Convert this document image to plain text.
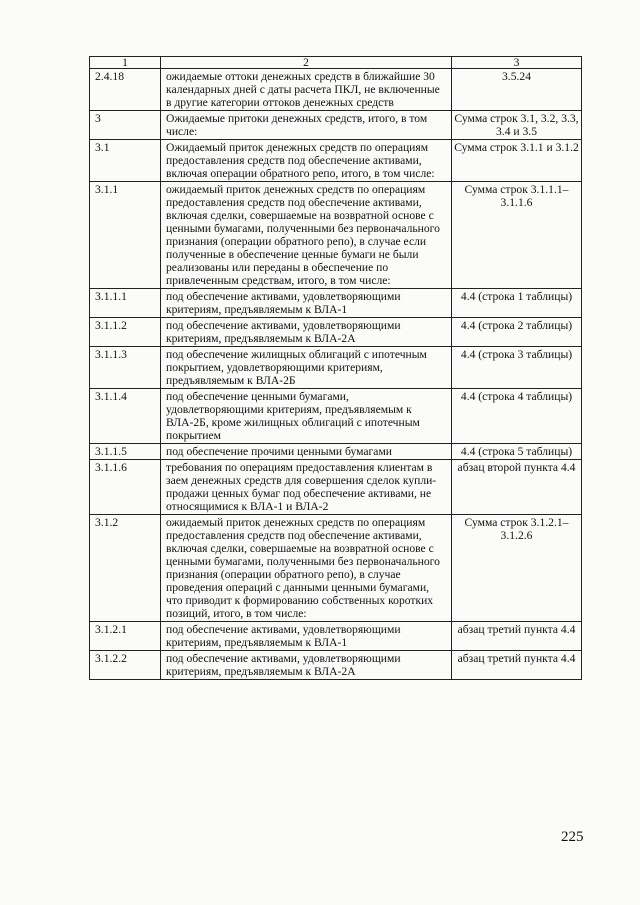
1	2	3
2.4.18	ожидаемые оттоки денежных средств в ближайшие 30 календарных дней с даты расчета ПКЛ, не включенные в другие категории оттоков денежных средств	3.5.24
3	Ожидаемые притоки денежных средств, итого, в том числе:	Сумма строк 3.1, 3.2, 3.3, 3.4 и 3.5
3.1	Ожидаемый приток денежных средств по операциям предоставления средств под обеспечение активами, включая операции обратного репо, итого, в том числе:	Сумма строк 3.1.1 и 3.1.2
3.1.1	ожидаемый приток денежных средств по операциям предоставления средств под обеспечение активами, включая сделки, совершаемые на возвратной основе с ценными бумагами, полученными без первоначального признания (операции обратного репо), в случае если полученные в обеспечение ценные бумаги не были реализованы или переданы в обеспечение по привлеченным средствам, итого, в том числе:	Сумма строк 3.1.1.1–3.1.1.6
3.1.1.1	под обеспечение активами, удовлетворяющими критериям, предъявляемым к ВЛА-1	4.4 (строка 1 таблицы)
3.1.1.2	под обеспечение активами, удовлетворяющими критериям, предъявляемым к ВЛА-2А	4.4 (строка 2 таблицы)
3.1.1.3	под обеспечение жилищных облигаций с ипотечным покрытием, удовлетворяющими критериям, предъявляемым к ВЛА-2Б	4.4 (строка 3 таблицы)
3.1.1.4	под обеспечение ценными бумагами, удовлетворяющими критериям, предъявляемым к ВЛА-2Б, кроме жилищных облигаций с ипотечным покрытием	4.4 (строка 4 таблицы)
3.1.1.5	под обеспечение прочими ценными бумагами	4.4 (строка 5 таблицы)
3.1.1.6	требования по операциям предоставления клиентам в заем денежных средств для совершения сделок купли-продажи ценных бумаг под обеспечение активами, не относящимися к ВЛА-1 и ВЛА-2	абзац второй пункта 4.4
3.1.2	ожидаемый приток денежных средств по операциям предоставления средств под обеспечение активами, включая сделки, совершаемые на возвратной основе с ценными бумагами, полученными без первоначального признания (операции обратного репо), в случае проведения операций с данными ценными бумагами, что приводит к формированию собственных коротких позиций, итого, в том числе:	Сумма строк 3.1.2.1–3.1.2.6
3.1.2.1	под обеспечение активами, удовлетворяющими критериям, предъявляемым к ВЛА-1	абзац третий пункта 4.4
3.1.2.2	под обеспечение активами, удовлетворяющими критериям, предъявляемым к ВЛА-2А	абзац третий пункта 4.4
225
